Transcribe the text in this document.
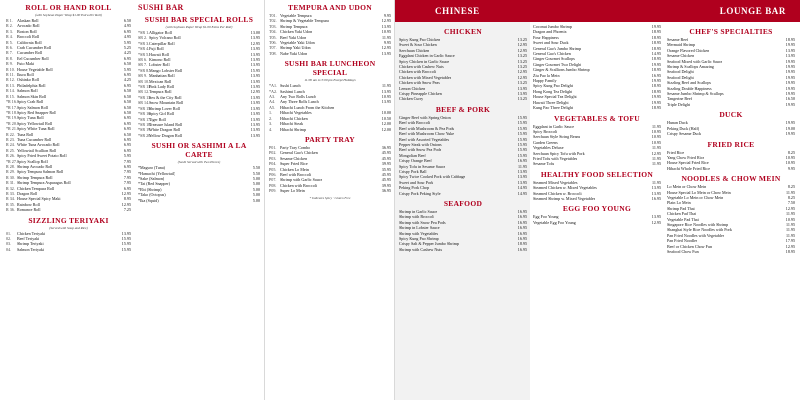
ROLL OR HAND ROLL
(with Soybean Paper Wrap $1.00 Extra Per Roll)
R 1. Alaskan Roll	6.50
R 2. Avocado Roll	4.95
R 3. Boston Roll	6.95
R 4. Broccoli Roll	4.95
R 5. California Roll	5.95
R 6. Crab Cucumber Roll	5.25
R 7. Cucumber Roll	4.25
R 8. Eel Cucumber Roll	6.95
R 9. Futo Maki	6.50
R 10. House Vegetable Roll	5.95
R 11. Ikura Roll	6.95
R 12. Oshinko Roll	4.25
R 13. Philadelphia Roll	6.95
R 14. Salmon Roll	6.50
R 15. Salmon Skin Roll	6.50
*R 16.Spicy Crab Roll	6.50
*R 17.Spicy Salmon Roll	6.50
*R 18.Spicy Red Snapper Roll	6.50
*R 19.Spicy Tuna Roll	6.95
*R 20.Spicy Yellowtail Roll	6.95
*R 21.Spicy White Tuna Roll	6.95
R 22. Tuna Roll	6.50
R 23. Tuna Cucumber Roll	6.95
R 24. White Tuna Avocado Roll	6.95
R 25. Yellowtail Scallion Roll	6.95
R 26. Spicy Fried Sweet Potato Roll	5.95
*R 27.Spicy Scallop Roll	7.95
R 28. Shrimp Avocado Roll	6.95
R 29. Spicy Tempura Salmon Roll	7.95
R 30. Shrimp Tempura Roll	7.95
R 31. Shrimp Tempura Asparagus Roll	7.95
R 32. Chicken Tempura Roll	6.95
R 33. Dragon Roll	12.95
R 34. House Special Spicy Maki	8.95
R 35. Rainbow Roll	12.95
R 36. Romance Roll	7.25
SIZZLING TERIYAKI
(Served with Soup and Rice)
01. Chicken Teriyaki	13.95
02. Beef Teriyaki	15.95
03. Shrimp Teriyaki	15.95
04. Salmon Teriyaki	15.95
SUSHI BAR
SUSHI BAR SPECIAL ROLLS
(with Soybean Paper Wrap $1.00 Extra Per Roll)
*SR 1.Alligator Roll	13.00
SR 2. Spicy Volcano Roll	13.95
*SR 3.Caterpillar Roll	12.95
*SR 4.Fuji Roll	13.95
*SR 5.Hawaii Roll	13.95
SR 6. Kimono Roll	13.95
SR 7. Lobster Roll	13.95
*SR 8.Mango Lobster Roll	15.95
SR 9. Manhattan Roll	13.95
SR 10.Mexican Roll	13.95
*SR 11.Pink Lady Roll	13.95
SR 12.Tempura Roll	12.95
*SR 13.Sex & the City Roll	13.95
SR 14.Snow Mountain Roll	13.95
*SR 15.Shrimp Lover Roll	13.95
*SR 16.Spicy Girl Roll	13.95
*SR 17.Tiger Roll	13.95
*SR 18.Treasure Island Roll	13.95
*SR 19.White Dragon Roll	13.95
*SR 20.Yellow Dragon Roll	13.95
SUSHI OR SASHIMI A LA CARTE
(Sushi Served with Two Pieces)
*Maguro (Tuna)	5.50
*Hamachi (Yellowtail)	5.50
*Sake (Salmon)	5.00
*Tai (Red Snapper)	5.00
*Ebi (Shrimp)	5.00
*Tako (Octopus)	5.00
*Ika (Squid)	5.00
TEMPURA AND UDON
T01. Vegetable Tempura	9.95
T02. Shrimp & Vegetable Tempura	12.95
T03. Shrimp Tempura	13.95
T04. Chicken Yaki Udon	10.95
T05. Beef Yaki Udon	11.95
T06. Vegetable Yaki Udon	9.95
T07. Shrimp Yaki Udon	12.95
T08. Nabe Yaki Udon	13.95
SUSHI BAR LUNCHEON SPECIAL
11:00 am to 3:00 pm Except Holidays
*A1. Sushi Lunch	11.95
*A2. Sashimi Lunch	13.95
A3. Any Two Rolls Lunch	10.95
A4. Any Three Rolls Lunch	13.95
A5. Hibachi Lunch From the Kitchen
1. Hibachi Vegetables	10.00
2. Hibachi Chicken	10.50
3. Hibachi Steak	12.00
4. Hibachi Shrimp	12.00
PARTY TRAY
P01. Party Tray Combo	36.95
P02. General Gao's Chicken	45.95
P03. Sesame Chicken	45.95
P04. Super Fried Rice	39.95
P05. Chicken Lo Mein	35.95
P06. Beef with Broccoli	45.95
P07. Shrimp with Garlic Sauce	45.95
P08. Chicken with Broccoli	39.95
P09. Super Lo Mein	36.95
* Indicates Spicy · Gluten Free
CHINESE	LOUNGE BAR
CHICKEN
Spicy Kung Pao Chicken	13.25
Sweet & Sour Chicken	12.95
Szechuan Chicken	12.95
Eggplant Chicken in Garlic Sauce	13.25
Spicy Chicken in Garlic Sauce	13.25
Chicken with Cashew Nuts	13.25
Chicken with Broccoli	12.95
Chicken with Mixed Vegetables	12.95
Chicken with Snow Peas	13.25
Lemon Chicken	13.95
Crispy Pineapple Chicken	13.95
Chicken Curry	13.25
BEEF & PORK
Ginger Beef with Spring Onion	15.95
Beef with Broccoli	15.95
Beef with Mushroom & Pea Pods	15.95
Beef with Mushroom Chow Yuke	15.95
Beef with Assorted Vegetables	15.95
Pepper Steak with Onions	15.95
Beef with Snow Pea Pods	15.95
Mongolian Beef	15.95
Crispy Orange Beef	16.95
Spicy Tofu in Sesame Sauce	11.95
Crispy Pork Ball	13.95
Spicy Twice Cooked Pork with Cabbage	13.95
Sweet and Sour Pork	13.95
Peking Pork Chop	14.95
Crispy Pork Peking Style	14.95
SEAFOOD
Shrimp in Garlic Sauce	16.95
Shrimp with Broccoli	16.95
Shrimp with Snow Pea Pods	16.95
Shrimp in Lobster Sauce	16.95
Shrimp with Vegetables	16.95
Spicy Kung Pao Shrimp	16.95
Crispy Salt & Pepper Jumbo Shrimp	18.95
Shrimp with Cashew Nuts	16.95
Coconut Jumbo Shrimp	19.95
Dragon and Phoenix	18.95
Four Happiness	18.95
Sweet and Sour Duck	18.95
General Gao's Jumbo Shrimp	18.95
General Gao's Chicken	14.95
Ginger Gourmet Scallops	18.95
Ginger Gourmet Two Delight	19.95
Ginger & Scallions Jumbo Shrimp	18.95
Ziu Pao la Mein	16.95
Happy Family	19.95
Spicy Kung Pao Delight	18.95
Hong Kong Tea Delight	18.95
House Special Tea Delight	19.95
Hawaii Three Delight	19.95
Kung Pao Three Delight	18.95
VEGETABLES & TOFU
Eggplant in Garlic Sauce	11.95
Spicy Broccoli	10.95
Szechuan Style String Beans	10.95
Garden Greens	10.95
Vegetables Deluxe	11.95
Szechuan Spicy Tofu with Pork	12.95
Fried Tofu with Vegetables	11.95
Sesame Tofu	11.95
HEALTHY FOOD SELECTION
Steamed Mixed Vegetables	11.95
Steamed Chicken w. Mixed Vegetables	13.95
Steamed Chicken w. Broccoli	13.95
Steamed Shrimp w. Mixed Vegetables	16.95
EGG FOO YOUNG
Egg Foo Young	13.95
Vegetable Egg Foo Young	12.95
CHEF'S SPECIALTIES
Sesame Beef	18.95
Mermaid Shrimp	19.95
Orange Flavored Chicken	13.95
Sesame Chicken	13.95
Seafood Mixed with Garlic Sauce	19.95
Shrimp & Scallops Amazing	19.95
Seafood Delight	19.95
Seafood Delight	19.95
Sizzling Beef and Scallops	19.95
Sizzling Double Happiness	19.95
Sesame Jumbo Shrimp & Scallops	19.95
Tangerine Beef	16.50
Triple Delight	19.95
DUCK
Hunan Duck	19.95
Peking Duck (Half)	19.00
Crispy Sesame Duck	19.95
FRIED RICE
Fried Rice	8.25
Yang Chow Fried Rice	10.95
House Special Fried Rice	10.95
Hibachi Whole Fried Rice	9.95
NOODLES & CHOW MEIN
Lo Mein or Chow Mein	8.25
House Special Lo Mein or Chow Mein	11.95
Vegetable Lo Mein or Chow Mein	8.25
Plain Lo Mein	7.50
Shrimp Pad Thai	12.95
Chicken Pad Thai	11.95
Vegetable Pad Thai	10.95
Singapore Rice Noodles with Shrimp	11.95
Shanghai Style Rice Noodles with Pork	11.95
Pan Fried Noodles with Vegetables	11.95
Pan Fried Noodles	17.95
Beef or Chicken Chow Fun	12.95
Seafood Chow Fun	18.95
